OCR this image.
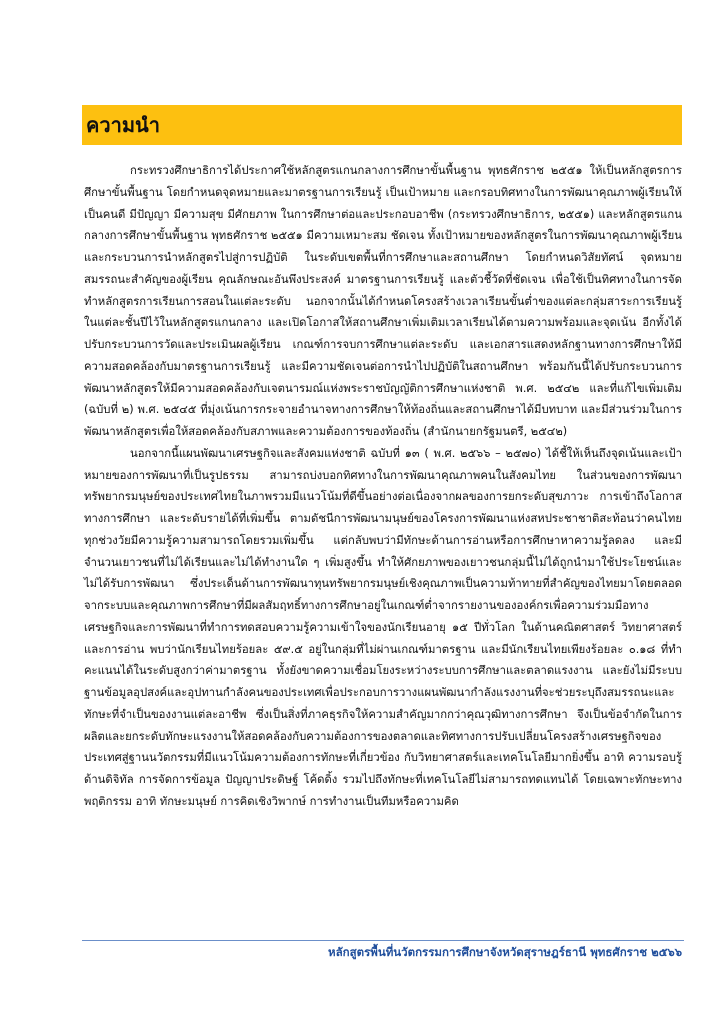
ความนำ

กระทรวงศึกษาธิการได้ประกาศใช้หลักสูตรแกนกลางการศึกษาขั้นพื้นฐาน พุทธศักราช ๒๕๕๑ ให้เป็นหลักสูตรการศึกษาขั้นพื้นฐาน โดยกำหนดจุดหมายและมาตรฐานการเรียนรู้ เป็นเป้าหมาย และกรอบทิศทางในการพัฒนาคุณภาพผู้เรียนให้เป็นคนดี มีปัญญา มีความสุข มีศักยภาพ ในการศึกษาต่อและประกอบอาชีพ (กระทรวงศึกษาธิการ, ๒๕๕๑) และหลักสูตรแกนกลางการศึกษาขั้นพื้นฐาน พุทธศักราช ๒๕๕๑ มีความเหมาะสม ชัดเจน ทั้งเป้าหมายของหลักสูตรในการพัฒนาคุณภาพผู้เรียน และกระบวนการนำหลักสูตรไปสู่การปฏิบัติ ในระดับเขตพื้นที่การศึกษาและสถานศึกษา โดยกำหนดวิสัยทัศน์ จุดหมาย สมรรถนะสำคัญของผู้เรียน คุณลักษณะอันพึงประสงค์ มาตรฐานการเรียนรู้ และตัวชี้วัดที่ชัดเจน เพื่อใช้เป็นทิศทางในการจัดทำหลักสูตรการเรียนการสอนในแต่ละระดับ นอกจากนั้นได้กำหนดโครงสร้างเวลาเรียนขั้นต่ำของแต่ละกลุ่มสาระการเรียนรู้ในแต่ละชั้นปีไว้ในหลักสูตรแกนกลาง และเปิดโอกาสให้สถานศึกษาเพิ่มเติมเวลาเรียนได้ตามความพร้อมและจุดเน้น อีกทั้งได้ปรับกระบวนการวัดและประเมินผลผู้เรียน เกณฑ์การจบการศึกษาแต่ละระดับ และเอกสารแสดงหลักฐานทางการศึกษาให้มีความสอดคล้องกับมาตรฐานการเรียนรู้ และมีความชัดเจนต่อการนำไปปฏิบัติในสถานศึกษา พร้อมกันนี้ได้ปรับกระบวนการพัฒนาหลักสูตรให้มีความสอดคล้องกับเจตนารมณ์แห่งพระราชบัญญัติการศึกษาแห่งชาติ พ.ศ. ๒๕๔๒ และที่แก้ไขเพิ่มเติม (ฉบับที่ ๒) พ.ศ. ๒๕๔๕ ที่มุ่งเน้นการกระจายอำนาจทางการศึกษาให้ท้องถิ่นและสถานศึกษาได้มีบทบาท และมีส่วนร่วมในการพัฒนาหลักสูตรเพื่อให้สอดคล้องกับสภาพและความต้องการของท้องถิ่น (สำนักนายกรัฐมนตรี, ๒๕๔๒)

นอกจากนี้แผนพัฒนาเศรษฐกิจและสังคมแห่งชาติ ฉบับที่ ๑๓ ( พ.ศ. ๒๕๖๖ – ๒๕๗๐) ได้ชี้ให้เห็นถึงจุดเน้นและเป้าหมายของการพัฒนาที่เป็นรูปธรรม สามารถบ่งบอกทิศทางในการพัฒนาคุณภาพคนในสังคมไทย ในส่วนของการพัฒนาทรัพยากรมนุษย์ของประเทศไทยในภาพรวมมีแนวโน้มที่ดีขึ้นอย่างต่อเนื่องจากผลของการยกระดับสุขภาวะ การเข้าถึงโอกาสทางการศึกษา และระดับรายได้ที่เพิ่มขึ้น ตามดัชนีการพัฒนามนุษย์ของโครงการพัฒนาแห่งสหประชาชาติสะท้อนว่าคนไทยทุกช่วงวัยมีความรู้ความสามารถโดยรวมเพิ่มขึ้น แต่กลับพบว่ามีทักษะด้านการอ่านหรือการศึกษาหาความรู้ลดลง และมีจำนวนเยาวชนที่ไม่ได้เรียนและไม่ได้ทำงานใด ๆ เพิ่มสูงขึ้น ทำให้ศักยภาพของเยาวชนกลุ่มนี้ไม่ได้ถูกนำมาใช้ประโยชน์และไม่ได้รับการพัฒนา ซึ่งประเด็นด้านการพัฒนาทุนทรัพยากรมนุษย์เชิงคุณภาพเป็นความท้าทายที่สำคัญของไทยมาโดยตลอด จากระบบและคุณภาพการศึกษาที่มีผลสัมฤทธิ์ทางการศึกษาอยู่ในเกณฑ์ต่ำจากรายงานขององค์กรเพื่อความร่วมมือทางเศรษฐกิจและการพัฒนาที่ทำการทดสอบความรู้ความเข้าใจของนักเรียนอายุ ๑๕ ปีทั่วโลก ในด้านคณิตศาสตร์ วิทยาศาสตร์ และการอ่าน พบว่านักเรียนไทยร้อยละ ๕๙.๕ อยู่ในกลุ่มที่ไม่ผ่านเกณฑ์มาตรฐาน และมีนักเรียนไทยเพียงร้อยละ ๐.๑๘ ที่ทำคะแนนได้ในระดับสูงกว่าค่ามาตรฐาน ทั้งยังขาดความเชื่อมโยงระหว่างระบบการศึกษาและตลาดแรงงาน และยังไม่มีระบบฐานข้อมูลอุปสงค์และอุปทานกำลังคนของประเทศเพื่อประกอบการวางแผนพัฒนากำลังแรงงานที่จะช่วยระบุถึงสมรรถนะและทักษะที่จำเป็นของงานแต่ละอาชีพ ซึ่งเป็นสิ่งที่ภาคธุรกิจให้ความสำคัญมากกว่าคุณวุฒิทางการศึกษา จึงเป็นข้อจำกัดในการผลิตและยกระดับทักษะแรงงานให้สอดคล้องกับความต้องการของตลาดและทิศทางการปรับเปลี่ยนโครงสร้างเศรษฐกิจของประเทศสู่ฐานนวัตกรรมที่มีแนวโน้มความต้องการทักษะที่เกี่ยวข้อง กับวิทยาศาสตร์และเทคโนโลยีมากยิ่งขึ้น อาทิ ความรอบรู้ด้านดิจิทัล การจัดการข้อมูล ปัญญาประดิษฐ์ โค้ดดิ้ง รวมไปถึงทักษะที่เทคโนโลยีไม่สามารถทดแทนได้ โดยเฉพาะทักษะทางพฤติกรรม อาทิ ทักษะมนุษย์ การคิดเชิงวิพากษ์ การทำงานเป็นทีมหรือความคิด

หลักสูตรพื้นที่นวัตกรรมการศึกษาจังหวัดสุราษฎร์ธานี พุทธศักราช ๒๕๖๖
